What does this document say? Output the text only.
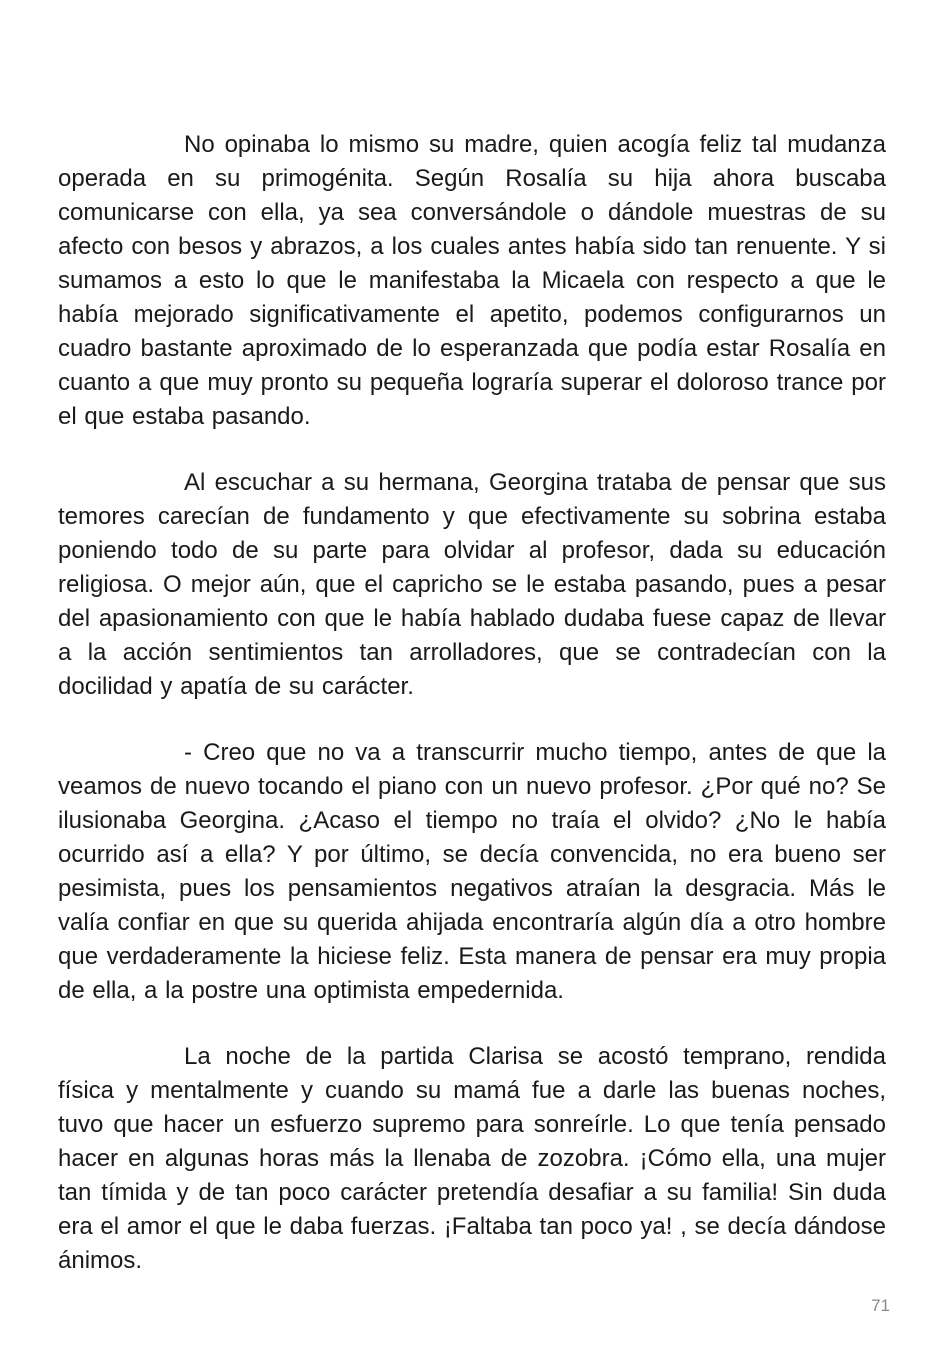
No opinaba lo mismo su madre, quien acogía feliz tal mudanza operada en su primogénita. Según Rosalía su hija ahora buscaba comunicarse con ella, ya sea conversándole o dándole muestras de su afecto con besos y abrazos, a los cuales antes había sido tan renuente. Y si sumamos a esto lo que le manifestaba la Micaela con respecto a que le había mejorado significativamente el apetito, podemos configurarnos un cuadro bastante aproximado de lo esperanzada que podía estar Rosalía en cuanto a que muy pronto su pequeña lograría superar el doloroso trance por el que estaba pasando.

Al escuchar a su hermana, Georgina trataba de pensar que sus temores carecían de fundamento y que efectivamente su sobrina estaba poniendo todo de su parte para olvidar al profesor, dada su educación religiosa. O mejor aún, que el capricho se le estaba pasando, pues a pesar del apasionamiento con que le había hablado dudaba fuese capaz de llevar a la acción sentimientos tan arrolladores, que se contradecían con la docilidad y apatía de su carácter.

- Creo que no va a transcurrir mucho tiempo, antes de que la veamos de nuevo tocando el piano con un nuevo profesor. ¿Por qué no? Se ilusionaba Georgina. ¿Acaso el tiempo no traía el olvido? ¿No le había ocurrido así a ella? Y por último, se decía convencida, no era bueno ser pesimista, pues los pensamientos negativos atraían la desgracia. Más le valía confiar en que su querida ahijada encontraría algún día a otro hombre que verdaderamente la hiciese feliz. Esta manera de pensar era muy propia de ella, a la postre una optimista empedernida.

La noche de la partida Clarisa se acostó temprano, rendida física y mentalmente y cuando su mamá fue a darle las buenas noches, tuvo que hacer un esfuerzo supremo para sonreírle. Lo que tenía pensado hacer en algunas horas más la llenaba de zozobra. ¡Cómo ella, una mujer tan tímida y de tan poco carácter pretendía desafiar a su familia! Sin duda era el amor el que le daba fuerzas. ¡Faltaba tan poco ya! , se decía dándose ánimos.

71
